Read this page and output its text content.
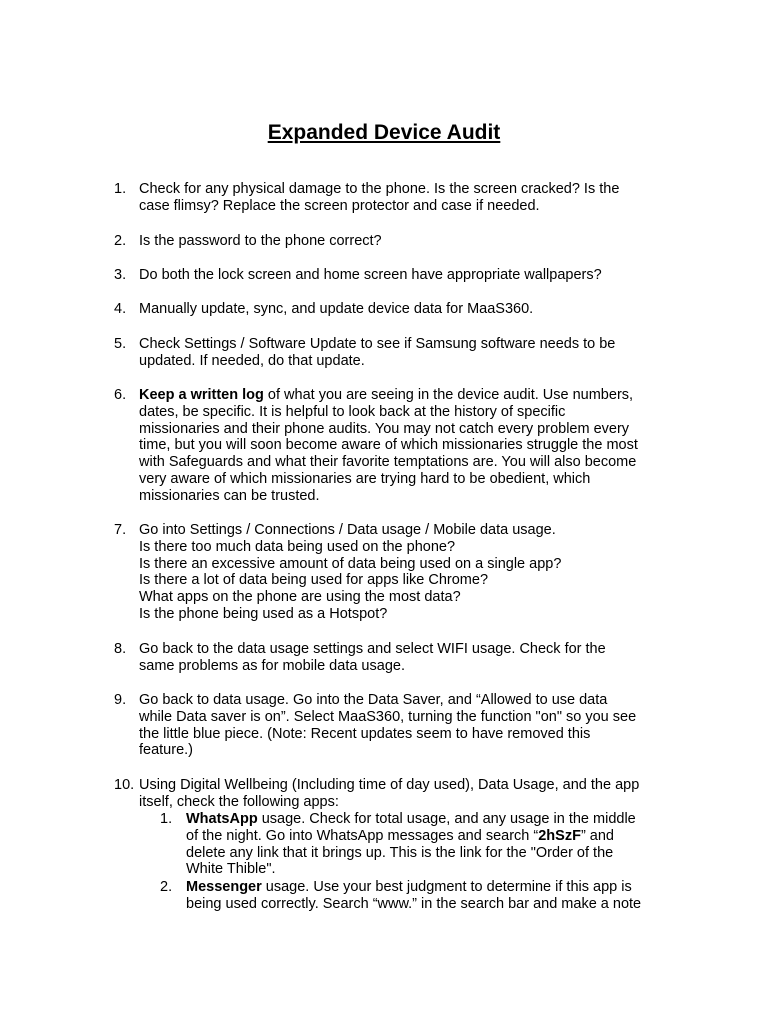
Expanded Device Audit
1. Check for any physical damage to the phone. Is the screen cracked? Is the
case flimsy? Replace the screen protector and case if needed.
2. Is the password to the phone correct?
3. Do both the lock screen and home screen have appropriate wallpapers?
4. Manually update, sync, and update device data for MaaS360.
5. Check Settings / Software Update to see if Samsung software needs to be
updated. If needed, do that update.
6. Keep a written log of what you are seeing in the device audit. Use numbers,
dates, be specific. It is helpful to look back at the history of specific
missionaries and their phone audits. You may not catch every problem every
time, but you will soon become aware of which missionaries struggle the most
with Safeguards and what their favorite temptations are. You will also become
very aware of which missionaries are trying hard to be obedient, which
missionaries can be trusted.
7. Go into Settings / Connections / Data usage / Mobile data usage.
Is there too much data being used on the phone?
Is there an excessive amount of data being used on a single app?
Is there a lot of data being used for apps like Chrome?
What apps on the phone are using the most data?
Is the phone being used as a Hotspot?
8. Go back to the data usage settings and select WIFI usage. Check for the
same problems as for mobile data usage.
9. Go back to data usage. Go into the Data Saver, and “Allowed to use data
while Data saver is on”. Select MaaS360, turning the function "on" so you see
the little blue piece. (Note: Recent updates seem to have removed this
feature.)
10. Using Digital Wellbeing (Including time of day used), Data Usage, and the app
itself, check the following apps:
1. WhatsApp usage. Check for total usage, and any usage in the middle
of the night. Go into WhatsApp messages and search “2hSzF” and
delete any link that it brings up. This is the link for the "Order of the
White Thible".
2. Messenger usage. Use your best judgment to determine if this app is
being used correctly. Search “www.” in the search bar and make a note
